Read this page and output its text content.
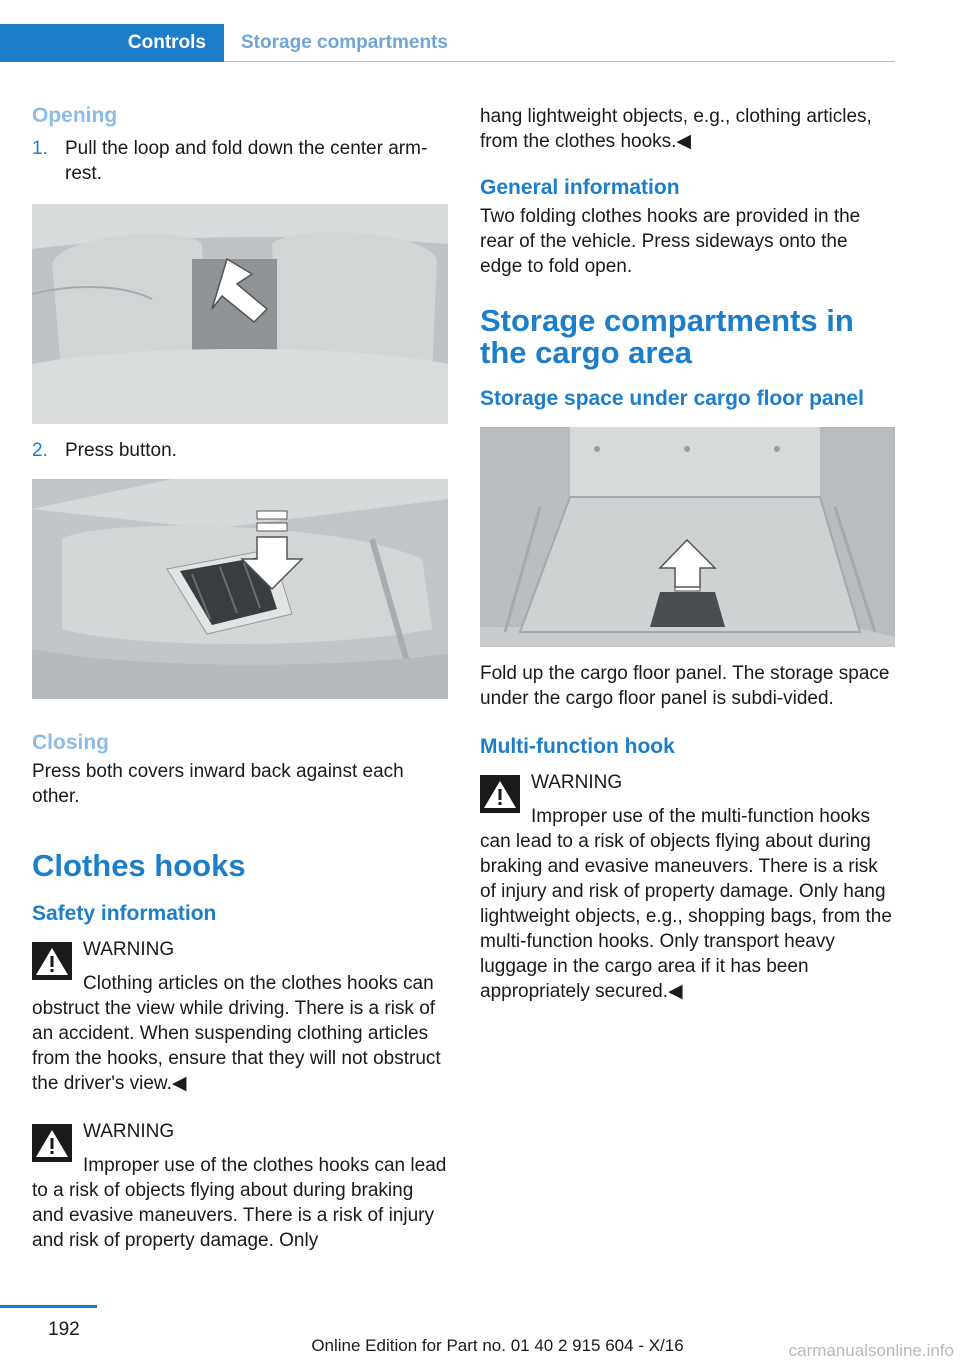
Controls	Storage compartments
Opening
1. Pull the loop and fold down the center arm‐rest.
2. Press button.
Closing
Press both covers inward back against each other.
Clothes hooks
Safety information
WARNING
Clothing articles on the clothes hooks can obstruct the view while driving. There is a risk of an accident. When suspending clothing articles from the hooks, ensure that they will not obstruct the driver's view.◀
WARNING
Improper use of the clothes hooks can lead to a risk of objects flying about during braking and evasive maneuvers. There is a risk of injury and risk of property damage. Only
hang lightweight objects, e.g., clothing articles, from the clothes hooks.◀
General information
Two folding clothes hooks are provided in the rear of the vehicle. Press sideways onto the edge to fold open.
Storage compartments in the cargo area
Storage space under cargo floor panel
Fold up the cargo floor panel. The storage space under the cargo floor panel is subdi‐vided.
Multi-function hook
WARNING
Improper use of the multi-function hooks can lead to a risk of objects flying about during braking and evasive maneuvers. There is a risk of injury and risk of property damage. Only hang lightweight objects, e.g., shopping bags, from the multi-function hooks. Only transport heavy luggage in the cargo area if it has been appropriately secured.◀
192
Online Edition for Part no. 01 40 2 915 604 - X/16	carmanualsonline.info
